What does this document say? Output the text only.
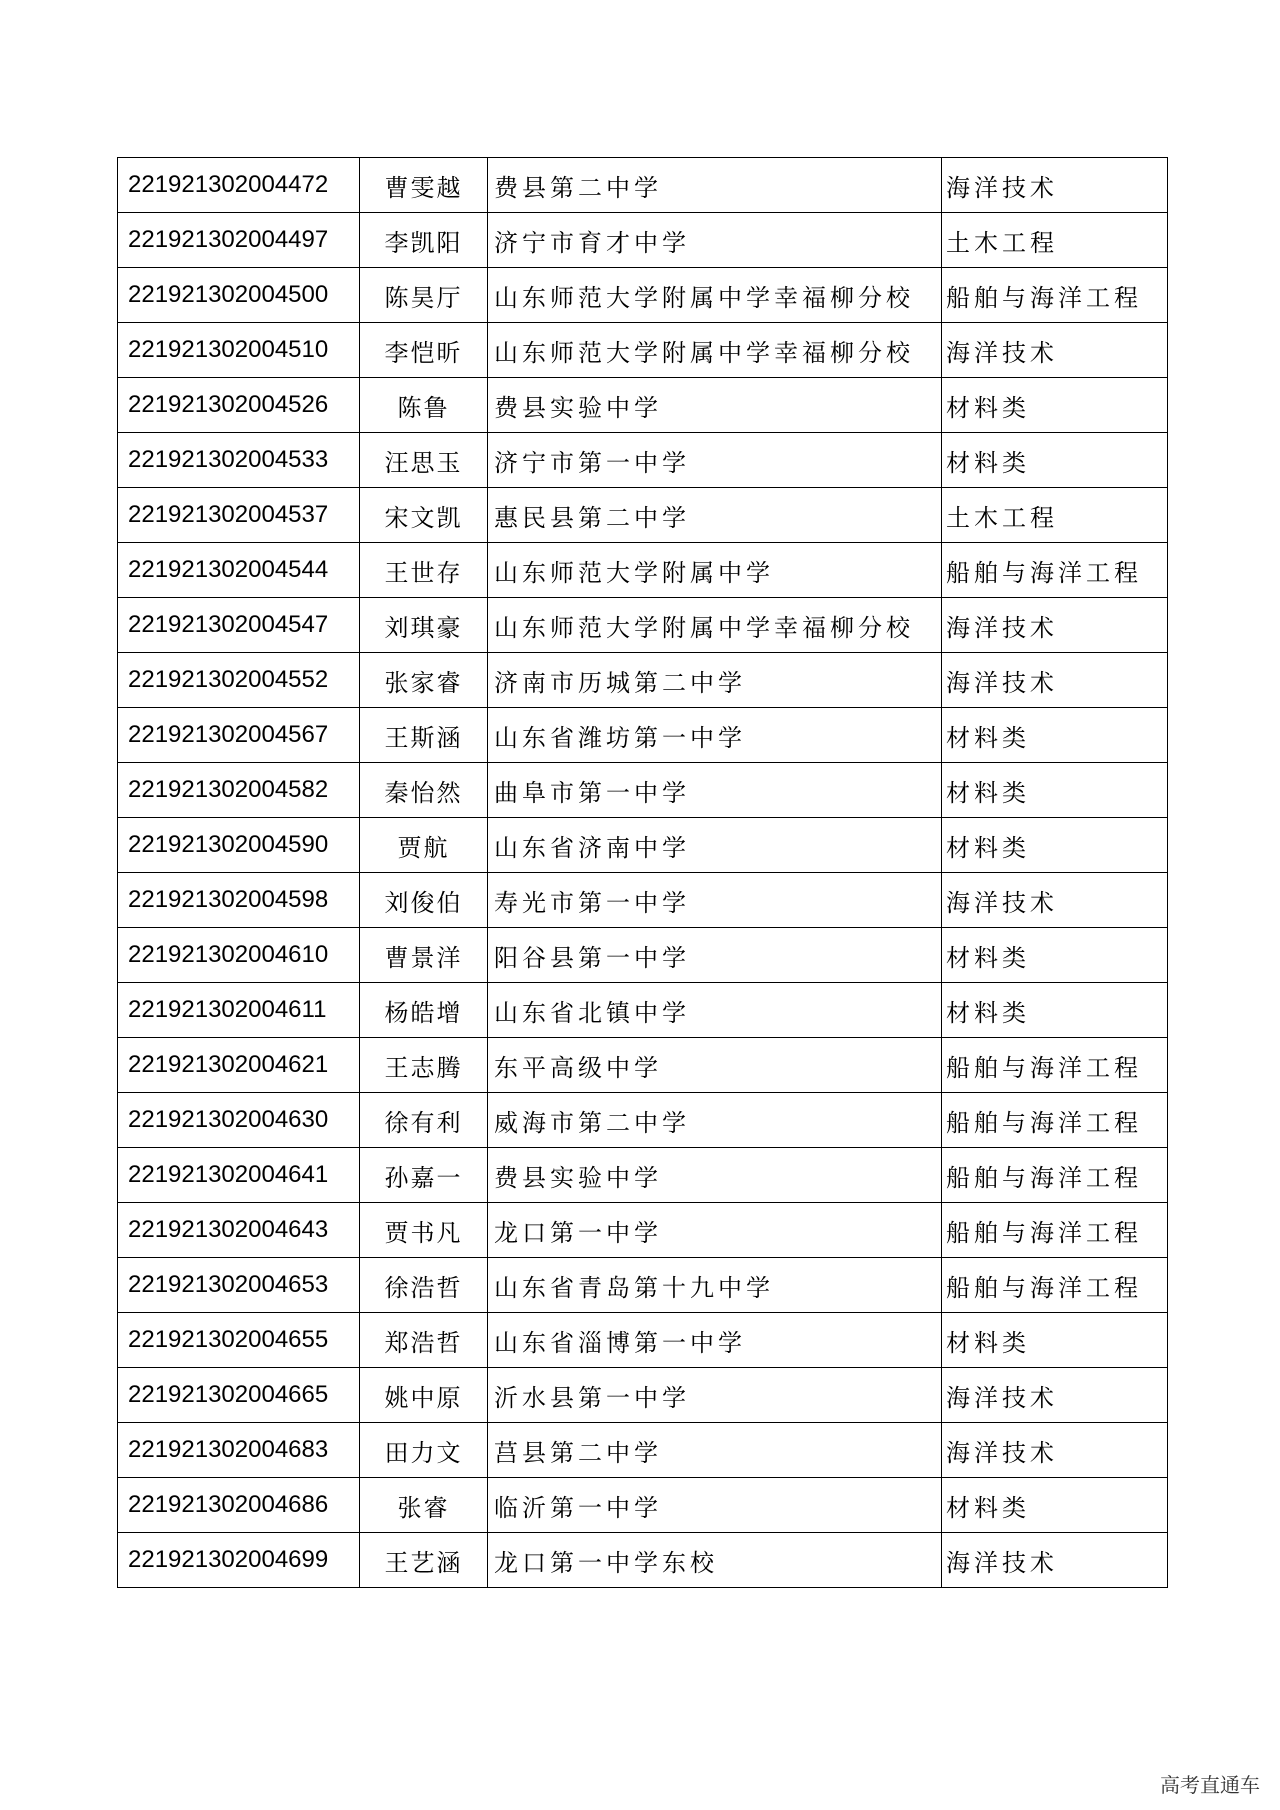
221921302004472	曹雯越	费县第二中学	海洋技术
221921302004497	李凯阳	济宁市育才中学	土木工程
221921302004500	陈昊厅	山东师范大学附属中学幸福柳分校	船舶与海洋工程
221921302004510	李恺昕	山东师范大学附属中学幸福柳分校	海洋技术
221921302004526	陈鲁	费县实验中学	材料类
221921302004533	汪思玉	济宁市第一中学	材料类
221921302004537	宋文凯	惠民县第二中学	土木工程
221921302004544	王世存	山东师范大学附属中学	船舶与海洋工程
221921302004547	刘琪豪	山东师范大学附属中学幸福柳分校	海洋技术
221921302004552	张家睿	济南市历城第二中学	海洋技术
221921302004567	王斯涵	山东省潍坊第一中学	材料类
221921302004582	秦怡然	曲阜市第一中学	材料类
221921302004590	贾航	山东省济南中学	材料类
221921302004598	刘俊伯	寿光市第一中学	海洋技术
221921302004610	曹景洋	阳谷县第一中学	材料类
221921302004611	杨皓增	山东省北镇中学	材料类
221921302004621	王志腾	东平高级中学	船舶与海洋工程
221921302004630	徐有利	威海市第二中学	船舶与海洋工程
221921302004641	孙嘉一	费县实验中学	船舶与海洋工程
221921302004643	贾书凡	龙口第一中学	船舶与海洋工程
221921302004653	徐浩哲	山东省青岛第十九中学	船舶与海洋工程
221921302004655	郑浩哲	山东省淄博第一中学	材料类
221921302004665	姚中原	沂水县第一中学	海洋技术
221921302004683	田力文	莒县第二中学	海洋技术
221921302004686	张睿	临沂第一中学	材料类
221921302004699	王艺涵	龙口第一中学东校	海洋技术
高考直通车
